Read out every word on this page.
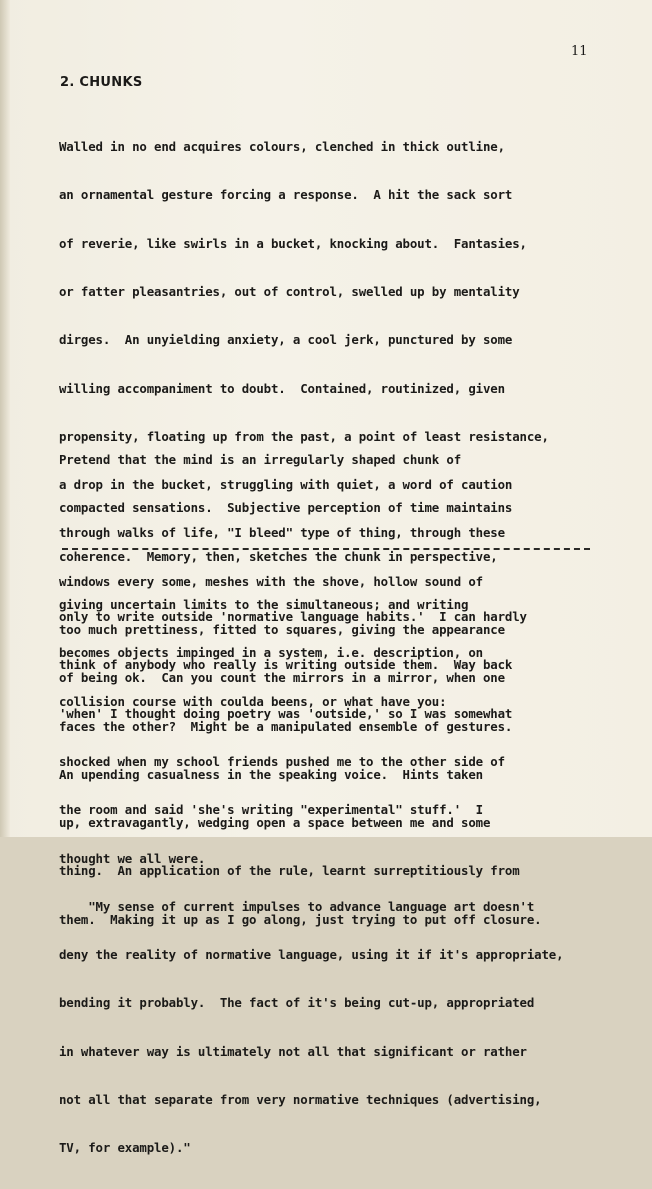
11
2. CHUNKS

Walled in no end acquires colours, clenched in thick outline,

an ornamental gesture forcing a response.  A hit the sack sort

of reverie, like swirls in a bucket, knocking about.  Fantasies,

or fatter pleasantries, out of control, swelled up by mentality

dirges.  An unyielding anxiety, a cool jerk, punctured by some

willing accompaniment to doubt.  Contained, routinized, given

propensity, floating up from the past, a point of least resistance,

a drop in the bucket, struggling with quiet, a word of caution

through walks of life, "I bleed" type of thing, through these

windows every some, meshes with the shove, hollow sound of

too much prettiness, fitted to squares, giving the appearance

of being ok.  Can you count the mirrors in a mirror, when one

faces the other?  Might be a manipulated ensemble of gestures.

An upending casualness in the speaking voice.  Hints taken

up, extravagantly, wedging open a space between me and some

thing.  An application of the rule, learnt surreptitiously from

them.  Making it up as I go along, just trying to put off closure.

Pretend that the mind is an irregularly shaped chunk of

compacted sensations.  Subjective perception of time maintains

coherence.  Memory, then, sketches the chunk in perspective,

giving uncertain limits to the simultaneous; and writing

becomes objects impinged in a system, i.e. description, on

collision course with coulda beens, or what have you:

only to write outside 'normative language habits.'  I can hardly

think of anybody who really is writing outside them.  Way back

'when' I thought doing poetry was 'outside,' so I was somewhat

shocked when my school friends pushed me to the other side of

the room and said 'she's writing "experimental" stuff.'  I

thought we all were.

"My sense of current impulses to advance language art doesn't

deny the reality of normative language, using it if it's appropriate,

bending it probably.  The fact of it's being cut-up, appropriated

in whatever way is ultimately not all that significant or rather

not all that separate from very normative techniques (advertising,

TV, for example)."
